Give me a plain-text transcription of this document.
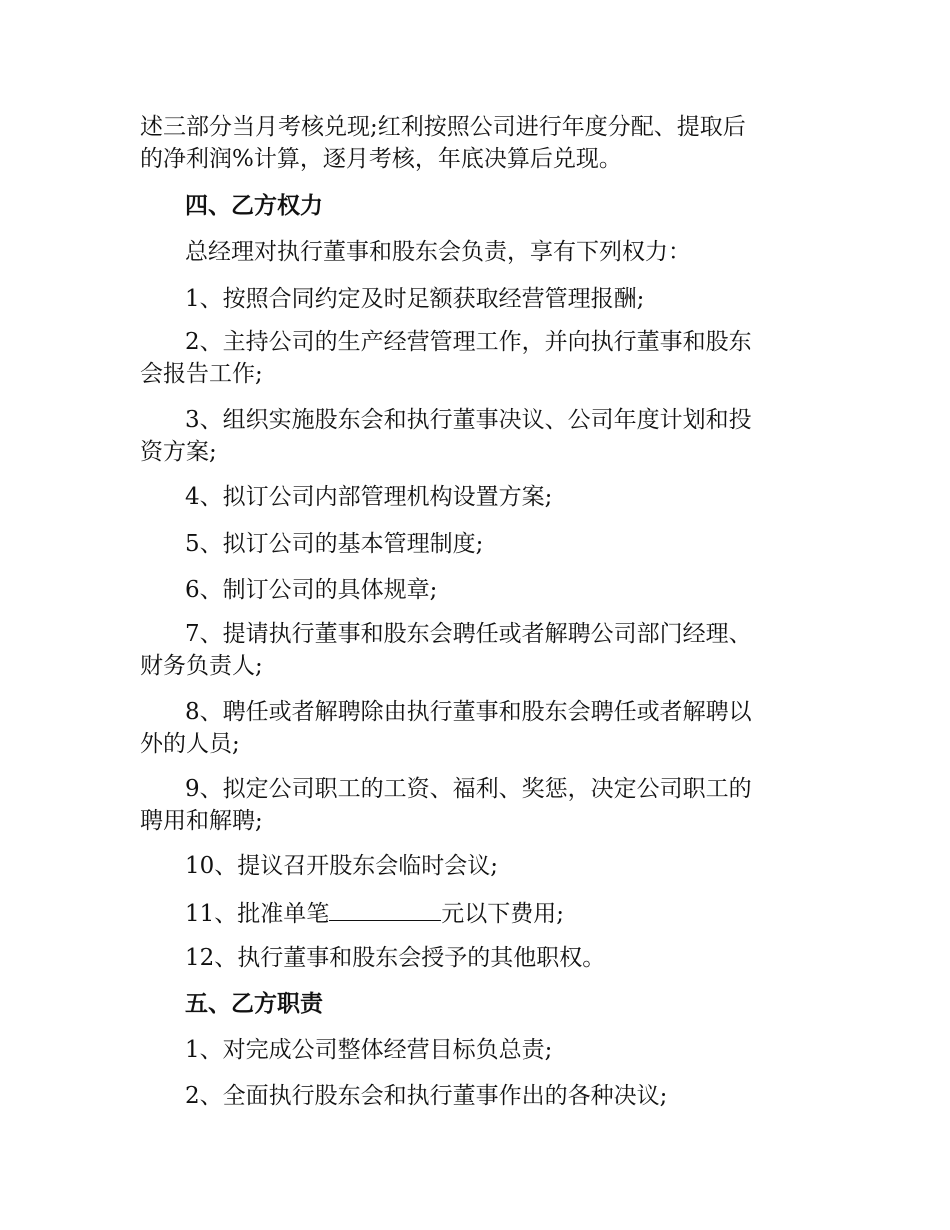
述三部分当月考核兑现;红利按照公司进行年度分配、提取后
的净利润%计算，逐月考核，年底决算后兑现。
四、乙方权力
总经理对执行董事和股东会负责，享有下列权力：
1、按照合同约定及时足额获取经营管理报酬;
2、主持公司的生产经营管理工作，并向执行董事和股东
会报告工作;
3、组织实施股东会和执行董事决议、公司年度计划和投
资方案;
4、拟订公司内部管理机构设置方案;
5、拟订公司的基本管理制度;
6、制订公司的具体规章;
7、提请执行董事和股东会聘任或者解聘公司部门经理、
财务负责人;
8、聘任或者解聘除由执行董事和股东会聘任或者解聘以
外的人员;
9、拟定公司职工的工资、福利、奖惩，决定公司职工的
聘用和解聘;
10、提议召开股东会临时会议;
11、批准单笔	元以下费用;
12、执行董事和股东会授予的其他职权。
五、乙方职责
1、对完成公司整体经营目标负总责;
2、全面执行股东会和执行董事作出的各种决议;
